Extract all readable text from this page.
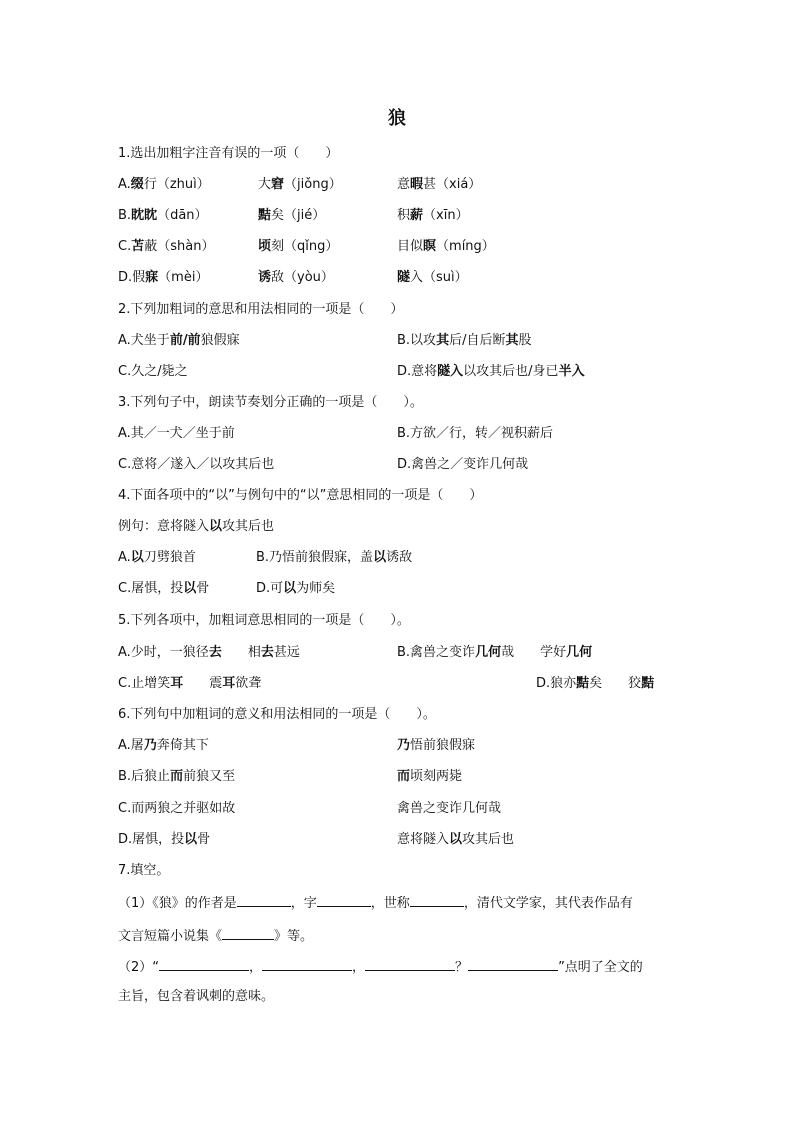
狼
1.选出加粗字注音有误的一项（　　）
A.缀行（zhuì）	大窘（jiǒng）	意暇甚（xiá）
B.眈眈（dān）	黠矣（jié）	积薪（xīn）
C.苫蔽（shàn）	顷刻（qǐng）	目似瞑（míng）
D.假寐（mèi）	诱敌（yòu）	隧入（suì）
2.下列加粗词的意思和用法相同的一项是（　　）
A.犬坐于前/前狼假寐	B.以攻其后/自后断其股
C.久之/毙之	D.意将隧入以攻其后也/身已半入
3.下列句子中，朗读节奏划分正确的一项是（　　）。
A.其／一犬／坐于前	B.方欲／行，转／视积薪后
C.意将／遂入／以攻其后也	D.禽兽之／变诈几何哉
4.下面各项中的“以”与例句中的“以”意思相同的一项是（　　）
例句：意将隧入以攻其后也
A.以刀劈狼首	B.乃悟前狼假寐，盖以诱敌
C.屠惧，投以骨	D.可以为师矣
5.下列各项中，加粗词意思相同的一项是（　　）。
A.少时，一狼径去　　相去甚远	B.禽兽之变诈几何哉　　学好几何
C.止增笑耳　　震耳欲聋	D.狼亦黠矣　　狡黠
6.下列句中加粗词的意义和用法相同的一项是（　　）。
A.屠乃奔倚其下	乃悟前狼假寐
B.后狼止而前狼又至	而顷刻两毙
C.而两狼之并驱如故	禽兽之变诈几何哉
D.屠惧，投以骨	意将隧入以攻其后也
7.填空。
（1）《狼》的作者是	，字	，世称	，清代文学家，其代表作品有
文言短篇小说集《	》等。
（2）“	，	，	？	”点明了全文的
主旨，包含着讽刺的意味。
